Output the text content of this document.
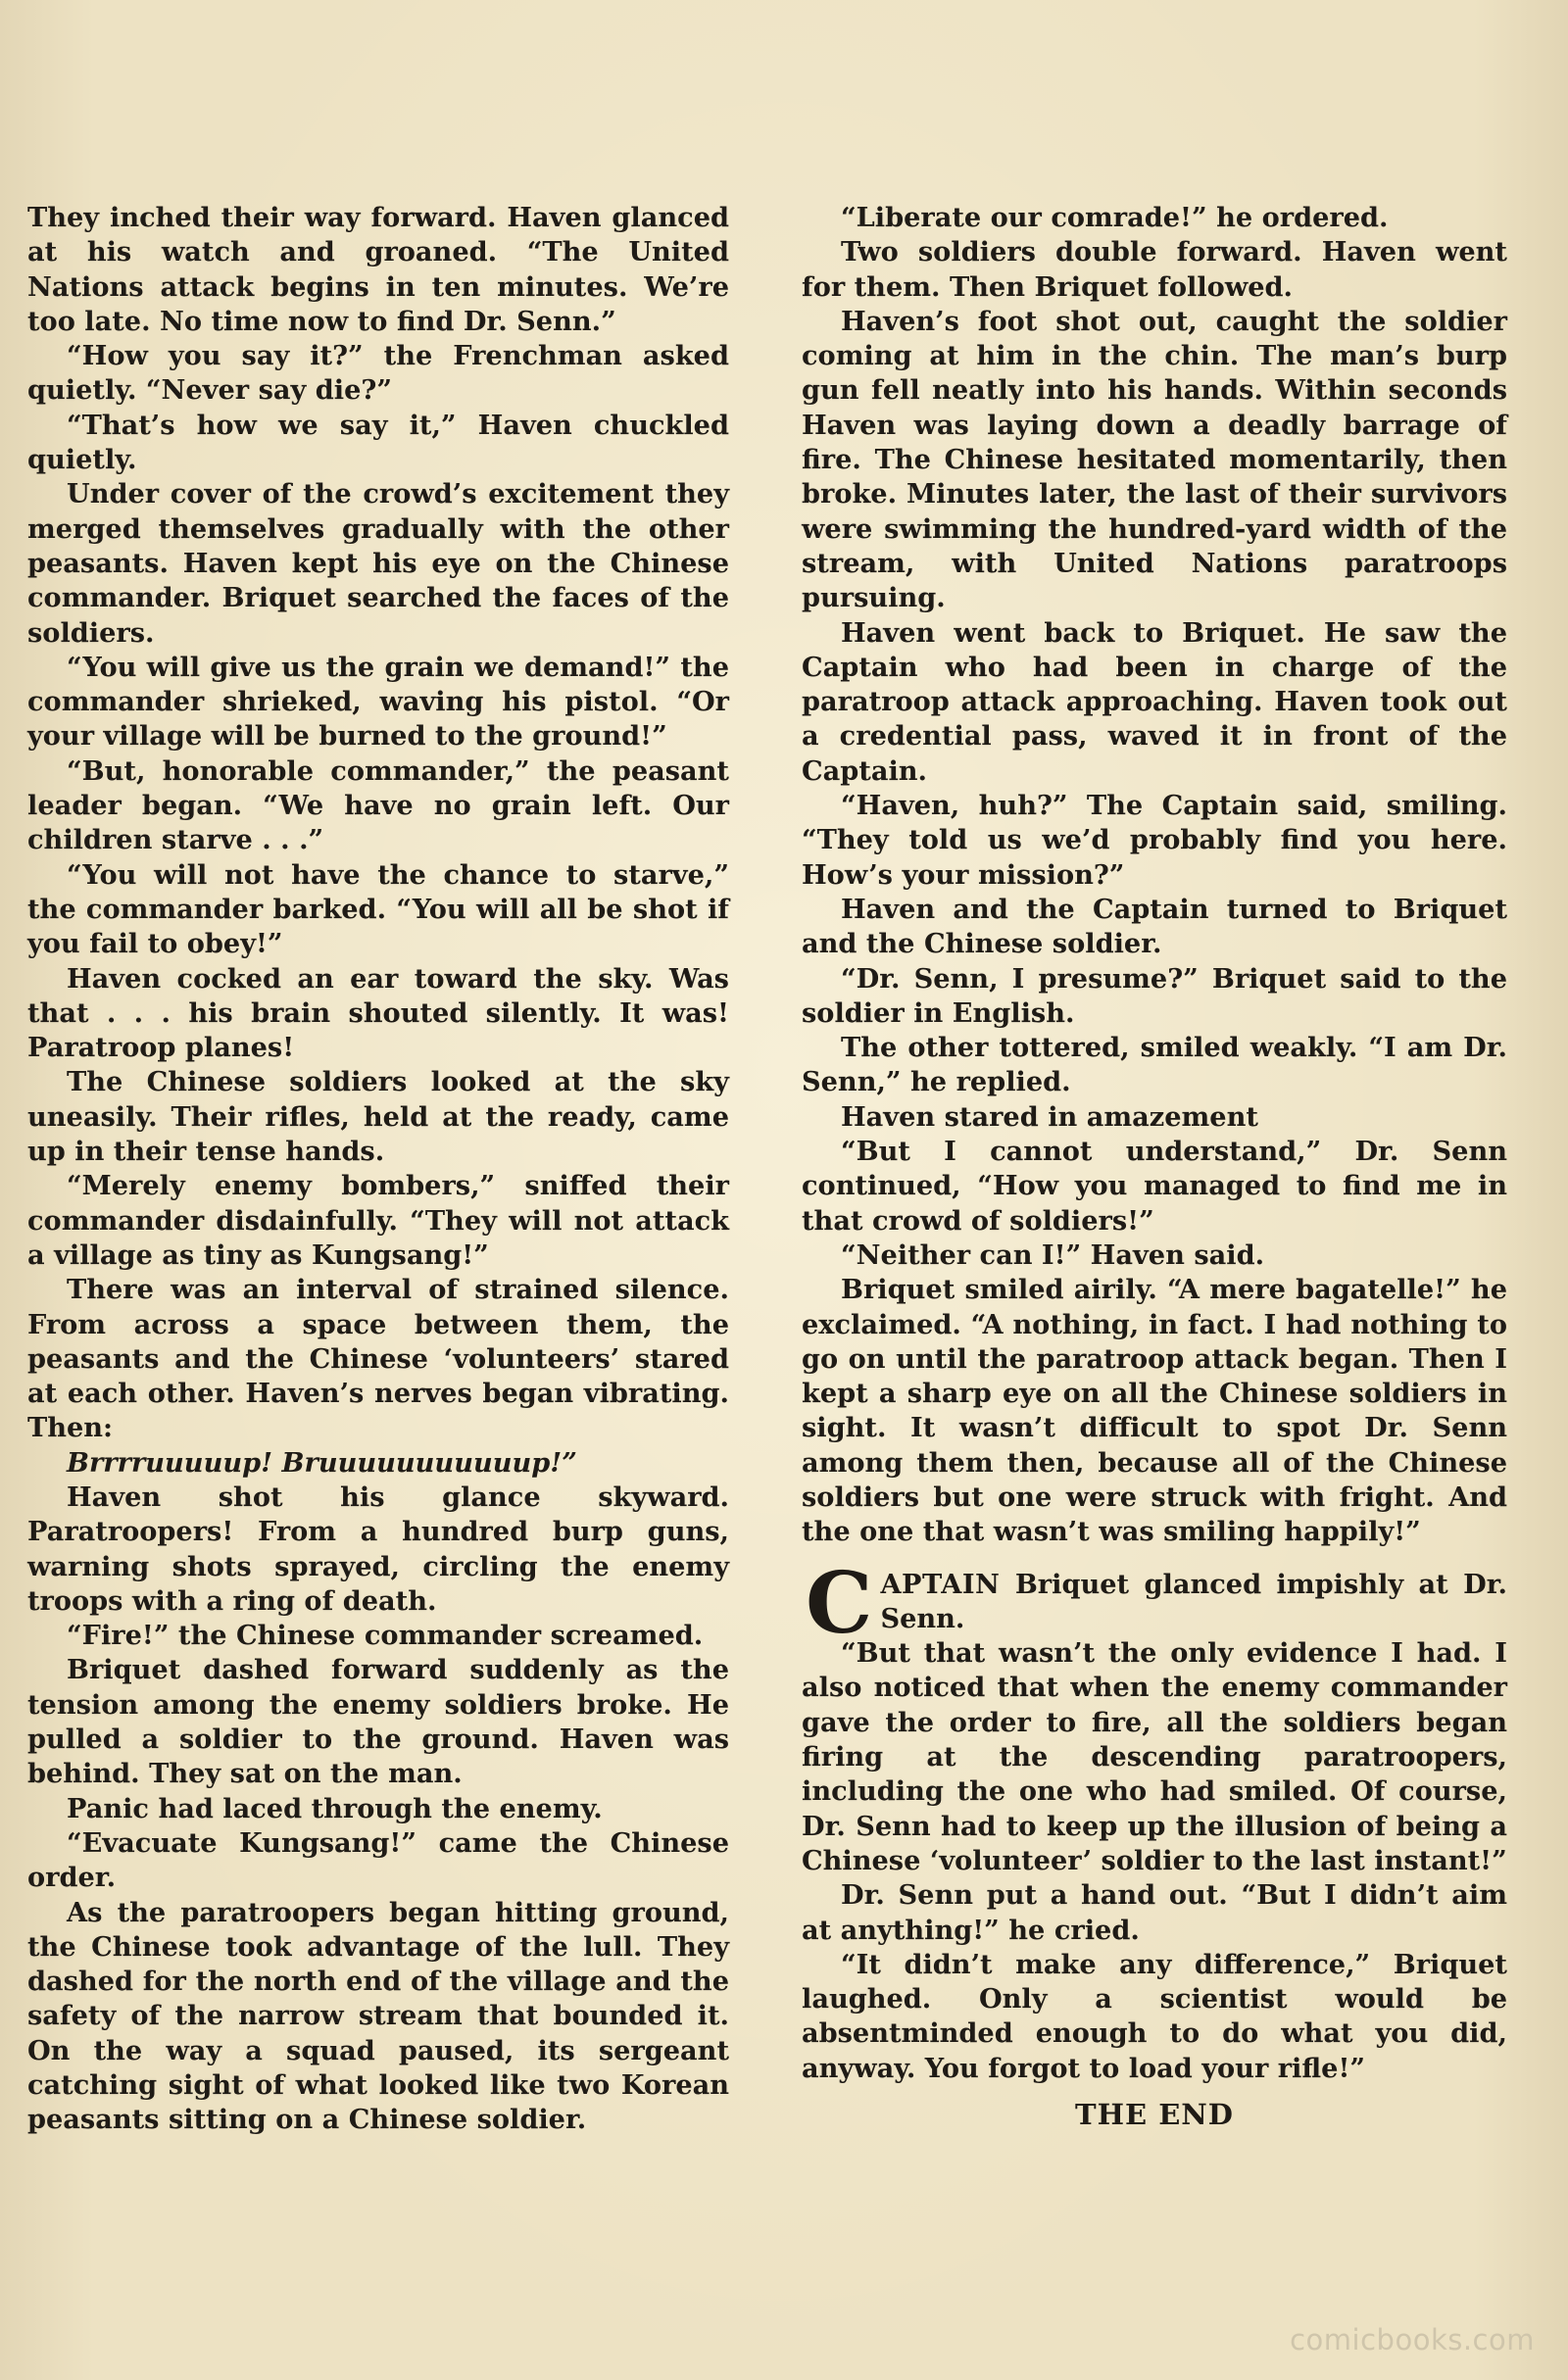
They inched their way forward. Haven glanced at his watch and groaned. “The United Nations attack begins in ten minutes. We’re too late. No time now to find Dr. Senn.”

“How you say it?” the Frenchman asked quietly. “Never say die?”

“That’s how we say it,” Haven chuckled quietly.

Under cover of the crowd’s excitement they merged themselves gradually with the other peasants. Haven kept his eye on the Chinese commander. Briquet searched the faces of the soldiers.

“You will give us the grain we demand!” the commander shrieked, waving his pistol. “Or your village will be burned to the ground!”

“But, honorable commander,” the peasant leader began. “We have no grain left. Our children starve . . .”

“You will not have the chance to starve,” the commander barked. “You will all be shot if you fail to obey!”

Haven cocked an ear toward the sky. Was that . . . his brain shouted silently. It was! Paratroop planes!

The Chinese soldiers looked at the sky uneasily. Their rifles, held at the ready, came up in their tense hands.

“Merely enemy bombers,” sniffed their commander disdainfully. “They will not attack a village as tiny as Kungsang!”

There was an interval of strained silence. From across a space between them, the peasants and the Chinese ‘volunteers’ stared at each other. Haven’s nerves began vibrating. Then:

Brrrruuuuup! Bruuuuuuuuuuup!”

Haven shot his glance skyward. Paratroopers! From a hundred burp guns, warning shots sprayed, circling the enemy troops with a ring of death.

“Fire!” the Chinese commander screamed.

Briquet dashed forward suddenly as the tension among the enemy soldiers broke. He pulled a soldier to the ground. Haven was behind. They sat on the man.

Panic had laced through the enemy.

“Evacuate Kungsang!” came the Chinese order.

As the paratroopers began hitting ground, the Chinese took advantage of the lull. They dashed for the north end of the village and the safety of the narrow stream that bounded it. On the way a squad paused, its sergeant catching sight of what looked like two Korean peasants sitting on a Chinese soldier.

“Liberate our comrade!” he ordered.

Two soldiers double forward. Haven went for them. Then Briquet followed.

Haven’s foot shot out, caught the soldier coming at him in the chin. The man’s burp gun fell neatly into his hands. Within seconds Haven was laying down a deadly barrage of fire. The Chinese hesitated momentarily, then broke. Minutes later, the last of their survivors were swimming the hundred-yard width of the stream, with United Nations paratroops pursuing.

Haven went back to Briquet. He saw the Captain who had been in charge of the paratroop attack approaching. Haven took out a credential pass, waved it in front of the Captain.

“Haven, huh?” The Captain said, smiling. “They told us we’d probably find you here. How’s your mission?”

Haven and the Captain turned to Briquet and the Chinese soldier.

“Dr. Senn, I presume?” Briquet said to the soldier in English.

The other tottered, smiled weakly. “I am Dr. Senn,” he replied.

Haven stared in amazement

“But I cannot understand,” Dr. Senn continued, “How you managed to find me in that crowd of soldiers!”

“Neither can I!” Haven said.

Briquet smiled airily. “A mere bagatelle!” he exclaimed. “A nothing, in fact. I had nothing to go on until the paratroop attack began. Then I kept a sharp eye on all the Chinese soldiers in sight. It wasn’t difficult to spot Dr. Senn among them then, because all of the Chinese soldiers but one were struck with fright. And the one that wasn’t was smiling happily!”

CAPTAIN Briquet glanced impishly at Dr. Senn.

“But that wasn’t the only evidence I had. I also noticed that when the enemy commander gave the order to fire, all the soldiers began firing at the descending paratroopers, including the one who had smiled. Of course, Dr. Senn had to keep up the illusion of being a Chinese ‘volunteer’ soldier to the last instant!”

Dr. Senn put a hand out. “But I didn’t aim at anything!” he cried.

“It didn’t make any difference,” Briquet laughed. Only a scientist would be absentminded enough to do what you did, anyway. You forgot to load your rifle!”

THE END

comicbooks.com
